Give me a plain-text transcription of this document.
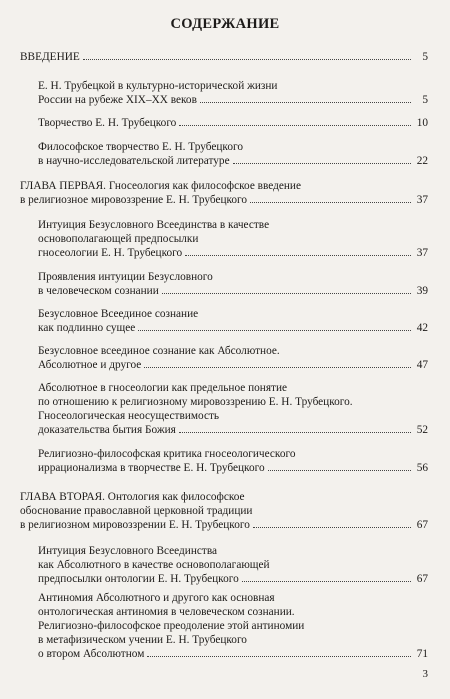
СОДЕРЖАНИЕ
ВВЕДЕНИЕ	5
Е. Н. Трубецкой в культурно-исторической жизни
России на рубеже XIX–XX веков	5
Творчество Е. Н. Трубецкого	10
Философское творчество Е. Н. Трубецкого
в научно-исследовательской литературе	22
ГЛАВА ПЕРВАЯ. Гносеология как философское введение
в религиозное мировоззрение Е. Н. Трубецкого	37
Интуиция Безусловного Всеединства в качестве
основополагающей предпосылки
гносеологии Е. Н. Трубецкого	37
Проявления интуиции Безусловного
в человеческом сознании	39
Безусловное Всеединое сознание
как подлинно сущее	42
Безусловное всеединое сознание как Абсолютное.
Абсолютное и другое	47
Абсолютное в гносеологии как предельное понятие
по отношению к религиозному мировоззрению Е. Н. Трубецкого.
Гносеологическая неосуществимость
доказательства бытия Божия	52
Религиозно-философская критика гносеологического
иррационализма в творчестве Е. Н. Трубецкого	56
ГЛАВА ВТОРАЯ. Онтология как философское
обоснование православной церковной традиции
в религиозном мировоззрении Е. Н. Трубецкого	67
Интуиция Безусловного Всеединства
как Абсолютного в качестве основополагающей
предпосылки онтологии Е. Н. Трубецкого	67
Антиномия Абсолютного и другого как основная
онтологическая антиномия в человеческом сознании.
Религиозно-философское преодоление этой антиномии
в метафизическом учении Е. Н. Трубецкого
о втором Абсолютном	71
3
